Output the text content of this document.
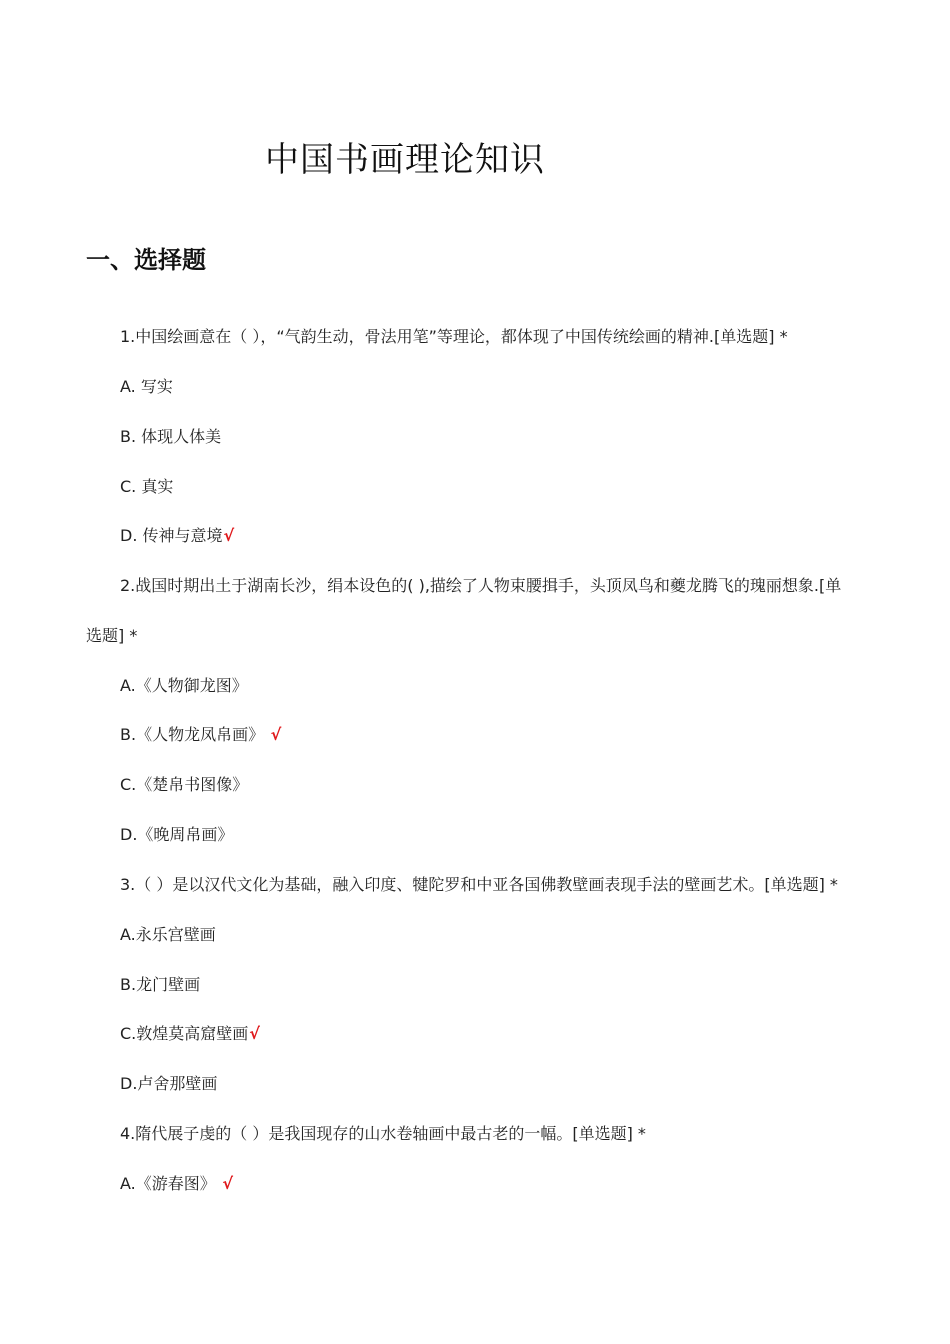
中国书画理论知识
一、选择题
1.中国绘画意在（ ），“气韵生动，骨法用笔”等理论，都体现了中国传统绘画的精神.[单选题] *
A. 写实
B. 体现人体美
C. 真实
D. 传神与意境√
2.战国时期出土于湖南长沙，绢本设色的( ),描绘了人物束腰揖手，头顶凤鸟和夔龙腾飞的瑰丽想象.[单
选题] *
A.《人物御龙图》
B.《人物龙凤帛画》 √
C.《楚帛书图像》
D.《晚周帛画》
3.（ ）是以汉代文化为基础，融入印度、犍陀罗和中亚各国佛教壁画表现手法的壁画艺术。[单选题] *
A.永乐宫壁画
B.龙门壁画
C.敦煌莫高窟壁画√
D.卢舍那壁画
4.隋代展子虔的（ ）是我国现存的山水卷轴画中最古老的一幅。[单选题] *
A.《游春图》 √
